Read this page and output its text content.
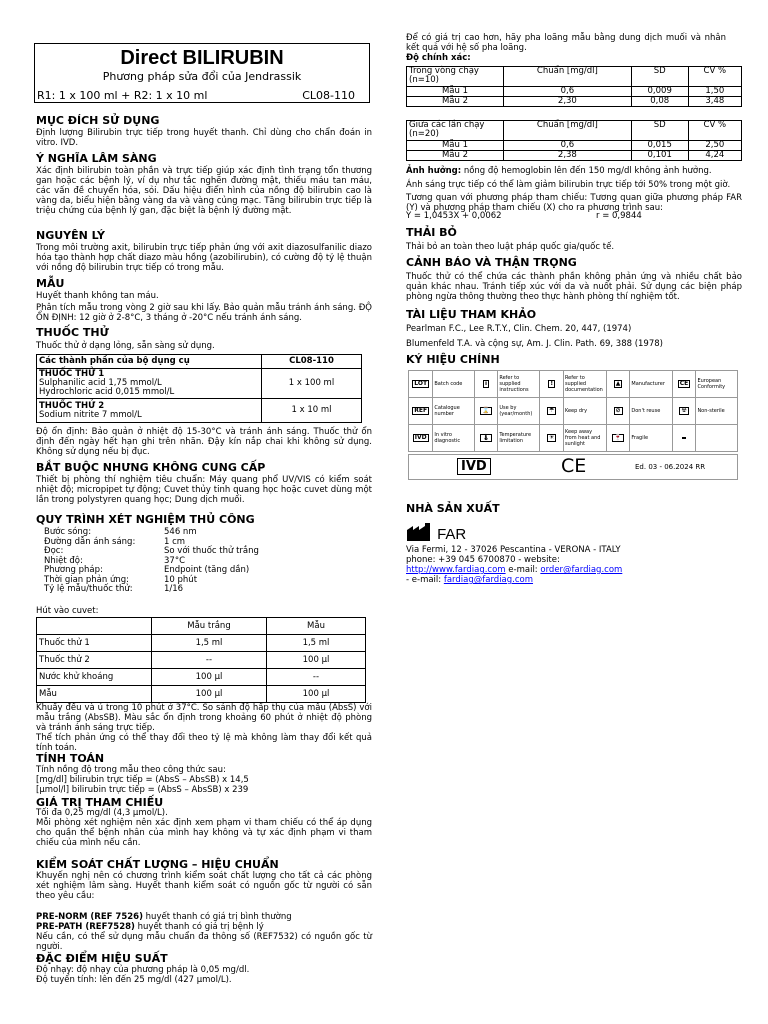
Direct BILIRUBIN
Phương pháp sửa đổi của Jendrassik
R1: 1 x 100 ml + R2: 1 x 10 ml	CL08-110
MỤC ĐÍCH SỬ DỤNG
Định lượng Bilirubin trực tiếp trong huyết thanh. Chỉ dùng cho chẩn đoán in vitro. IVD.
Ý NGHĨA LÂM SÀNG
Xác định bilirubin toàn phần và trực tiếp giúp xác định tình trạng tổn thương gan hoặc các bệnh lý, ví dụ như tắc nghẽn đường mật, thiếu máu tan máu, các vấn đề chuyển hóa, sỏi. Dấu hiệu điển hình của nồng độ bilirubin cao là vàng da, biểu hiện bằng vàng da và vàng củng mạc. Tăng bilirubin trực tiếp là triệu chứng của bệnh lý gan, đặc biệt là bệnh lý đường mật.
NGUYÊN LÝ
Trong môi trường axit, bilirubin trực tiếp phản ứng với axit diazosulfanilic diazo hóa tạo thành hợp chất diazo màu hồng (azobilirubin), có cường độ tỷ lệ thuận với nồng độ bilirubin trực tiếp có trong mẫu.
MẪU
Huyết thanh không tan máu.
Phân tích mẫu trong vòng 2 giờ sau khi lấy. Bảo quản mẫu tránh ánh sáng. ĐỘ ỔN ĐỊNH: 12 giờ ở 2-8°C, 3 tháng ở -20°C nếu tránh ánh sáng.
THUỐC THỬ
Thuốc thử ở dạng lỏng, sẵn sàng sử dụng.
Các thành phần của bộ dụng cụ	CL08-110

THUỐC THỬ 1
Sulphanilic acid 1,75 mmol/L
Hydrochloric acid 0,015 mmol/L	1 x 100 ml

THUỐC THỬ 2
Sodium nitrite 7 mmol/L	1 x 10 ml
Độ ổn định: Bảo quản ở nhiệt độ 15-30°C và tránh ánh sáng. Thuốc thử ổn định đến ngày hết hạn ghi trên nhãn. Đậy kín nắp chai khi không sử dụng. Không sử dụng nếu bị đục.
BẮT BUỘC NHƯNG KHÔNG CUNG CẤP
Thiết bị phòng thí nghiệm tiêu chuẩn: Máy quang phổ UV/VIS có kiểm soát nhiệt độ; micropipet tự động; Cuvet thủy tinh quang học hoặc cuvet dùng một lần trong polystyren quang học; Dung dịch muối.
QUY TRÌNH XÉT NGHIỆM THỦ CÔNG
Bước sóng:	546 nm
Đường dẫn ánh sáng:	1 cm
Đọc:	So với thuốc thử trắng
Nhiệt độ:	37°C
Phương pháp:	Endpoint (tăng dần)
Thời gian phản ứng:	10 phút
Tỷ lệ mẫu/thuốc thử:	1/16
Hút vào cuvet:
	Mẫu trắng	Mẫu
Thuốc thử 1	1,5 ml	1,5 ml
Thuốc thử 2	--	100 µl
Nước khử khoáng	100 µl	--
Mẫu	100 µl	100 µl
Khuấy đều và ủ trong 10 phút ở 37°C. So sánh độ hấp thụ của mẫu (AbsS) với mẫu trắng (AbsSB). Màu sắc ổn định trong khoảng 60 phút ở nhiệt độ phòng và tránh ánh sáng trực tiếp.
Thể tích phản ứng có thể thay đổi theo tỷ lệ mà không làm thay đổi kết quả tính toán.
TÍNH TOÁN
Tính nồng độ trong mẫu theo công thức sau:
[mg/dl] bilirubin trực tiếp = (AbsS – AbsSB) x 14,5
[µmol/l] bilirubin trực tiếp = (AbsS – AbsSB) x 239
GIÁ TRỊ THAM CHIẾU
Tối đa 0,25 mg/dl (4,3 µmol/L).
Mỗi phòng xét nghiệm nên xác định xem phạm vi tham chiếu có thể áp dụng cho quần thể bệnh nhân của mình hay không và tự xác định phạm vi tham chiếu của mình nếu cần.
KIỂM SOÁT CHẤT LƯỢNG – HIỆU CHUẨN
Khuyến nghị nên có chương trình kiểm soát chất lượng cho tất cả các phòng xét nghiệm lâm sàng. Huyết thanh kiểm soát có nguồn gốc từ người có sẵn theo yêu cầu:
PRE-NORM (REF 7526) huyết thanh có giá trị bình thường
PRE-PATH (REF7528) huyết thanh có giá trị bệnh lý
Nếu cần, có thể sử dụng mẫu chuẩn đa thông số (REF7532) có nguồn gốc từ người.
ĐẶC ĐIỂM HIỆU SUẤT
Độ nhạy: độ nhạy của phương pháp là 0,05 mg/dl.
Độ tuyến tính: lên đến 25 mg/dl (427 µmol/L).
Để có giá trị cao hơn, hãy pha loãng mẫu bằng dung dịch muối và nhân kết quả với hệ số pha loãng.
Độ chính xác:
Trong vòng chạy
(n=10)	Chuẩn [mg/dl]	SD	CV %
Mẫu 1	0,6	0,009	1,50
Mẫu 2	2,30	0,08	3,48
Giữa các lần chạy
(n=20)	Chuẩn [mg/dl]	SD	CV %
Mẫu 1	0,6	0,015	2,50
Mẫu 2	2,38	0,101	4,24
Ảnh hưởng: nồng độ hemoglobin lên đến 150 mg/dl không ảnh hưởng.
Ánh sáng trực tiếp có thể làm giảm bilirubin trực tiếp tới 50% trong một giờ.
Tương quan với phương pháp tham chiếu: Tương quan giữa phương pháp FAR (Y) và phương pháp tham chiếu (X) cho ra phương trình sau:
Y = 1,0453X + 0,0062	r = 0,9844
THẢI BỎ
Thải bỏ an toàn theo luật pháp quốc gia/quốc tế.
CẢNH BÁO VÀ THẬN TRỌNG
Thuốc thử có thể chứa các thành phần không phản ứng và nhiều chất bảo quản khác nhau. Tránh tiếp xúc với da và nuốt phải. Sử dụng các biện pháp phòng ngừa thông thường theo thực hành phòng thí nghiệm tốt.
TÀI LIỆU THAM KHẢO
Pearlman F.C., Lee R.T.Y., Clin. Chem. 20, 447, (1974)
Blumenfeld T.A. và cộng sự, Am. J. Clin. Path. 69, 388 (1978)
KÝ HIỆU CHÍNH
LOT	Batch code	i	Refer to supplied instructions	!	Refer to supplied documentation	▲	Manufacturer	CE	European Conformity
REF	Catalogue number	⌛	Use by (year/month)	☂	Keep dry	⊘	Don't reuse	☢	Non-sterile
IVD	In vitro diagnostic	🌡	Temperature limitation	☀	Keep away from heat and sunlight	🍷	Fragile		
IVD	CE	Ed. 03 - 06.2024 RR
NHÀ SẢN XUẤT
FAR
Via Fermi, 12 - 37026 Pescantina - VERONA - ITALY
phone: +39 045 6700870 - website:
http://www.fardiag.com e-mail: order@fardiag.com
- e-mail: fardiag@fardiag.com
